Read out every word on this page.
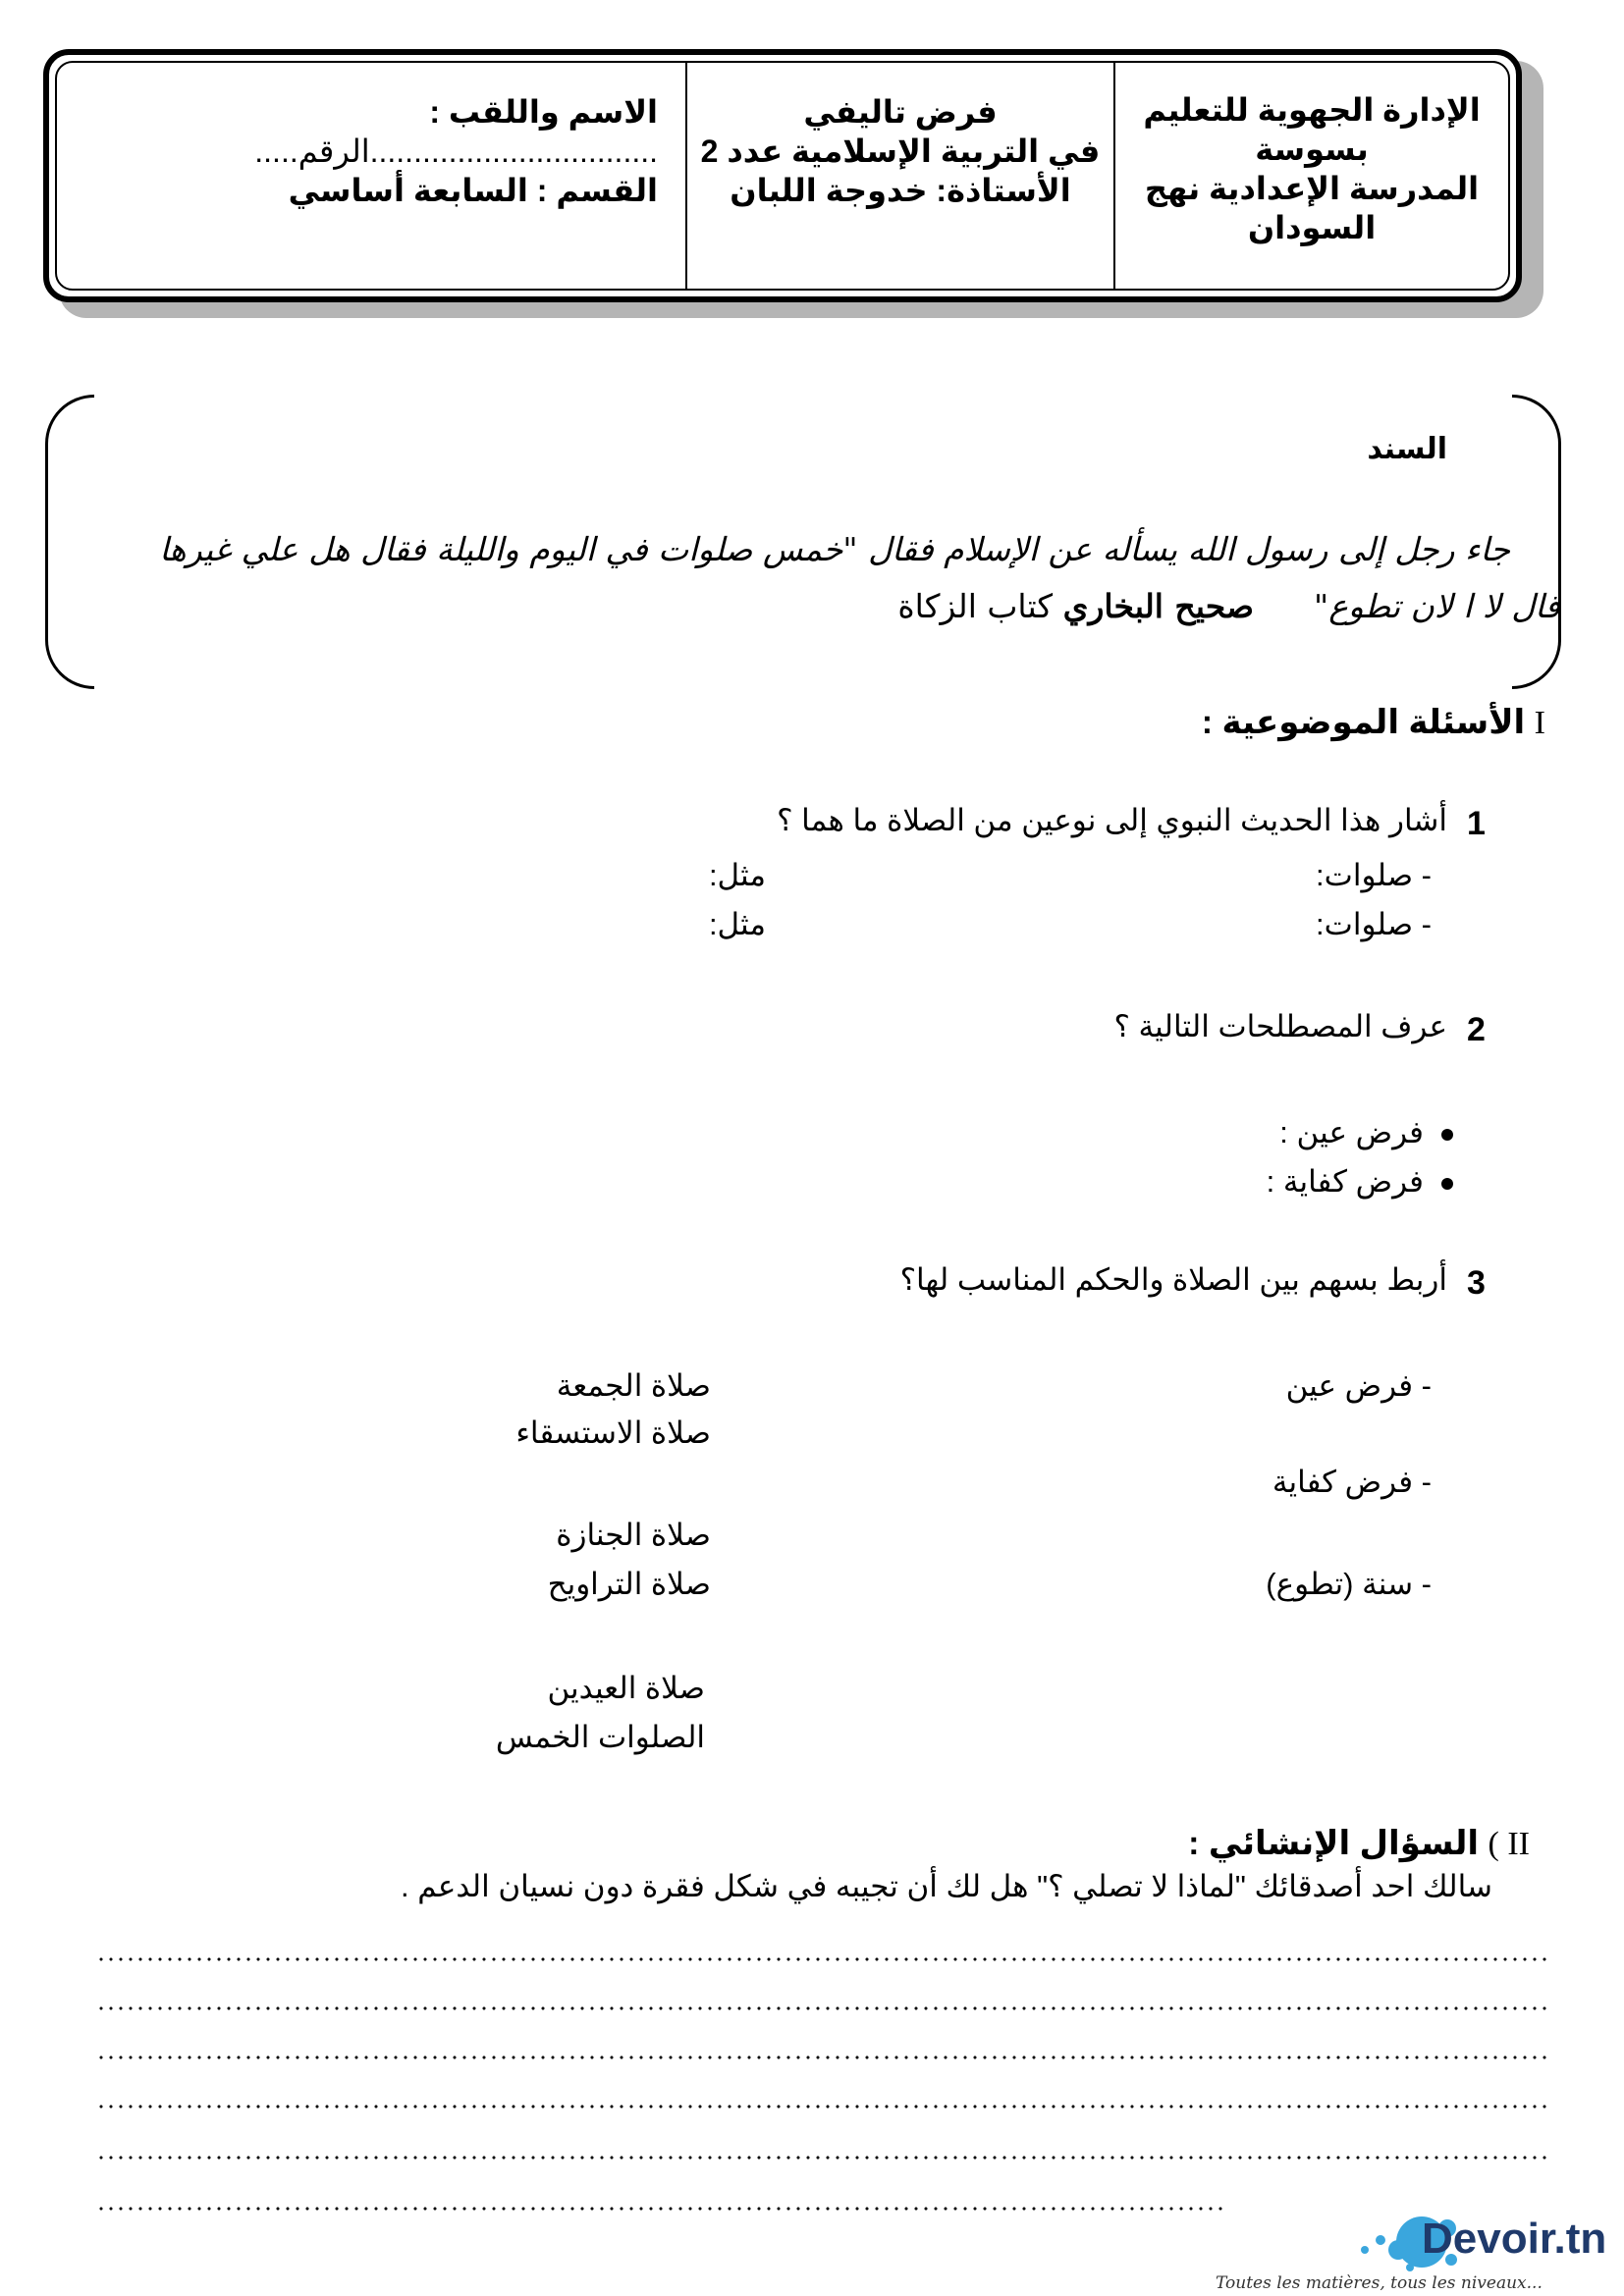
الإدارة الجهوية للتعليم
بسوسة
المدرسة الإعدادية نهج
السودان
فرض تاليفي
في التربية الإسلامية عدد 2
الأستاذة: خدوجة اللبان
الاسم واللقب :
.................................الرقم.....
القسم : السابعة أساسي
السند
جاء رجل إلى رسول الله يسأله عن الإسلام فقال "خمس صلوات في اليوم والليلة فقال هل علي غيرها
قال لا ا لان تطوع"  صحيح البخاري كتاب الزكاة
I الأسئلة الموضوعية :
1
أشار هذا الحديث النبوي إلى نوعين من الصلاة ما هما ؟
- صلوات:
مثل:
- صلوات:
مثل:
2
عرف المصطلحات التالية ؟
فرض عين :
فرض كفاية :
3
أربط بسهم بين الصلاة والحكم المناسب لها؟
- فرض عين
- فرض كفاية
- سنة (تطوع)
صلاة الجمعة
صلاة الاستسقاء
صلاة الجنازة
صلاة التراويح
صلاة العيدين
الصلوات الخمس
II ) السؤال الإنشائي :
سالك احد أصدقائك "لماذا لا تصلي ؟" هل لك أن تجيبه في شكل فقرة دون نسيان الدعم .
Devoir.tn
Toutes les matières, tous les niveaux...
